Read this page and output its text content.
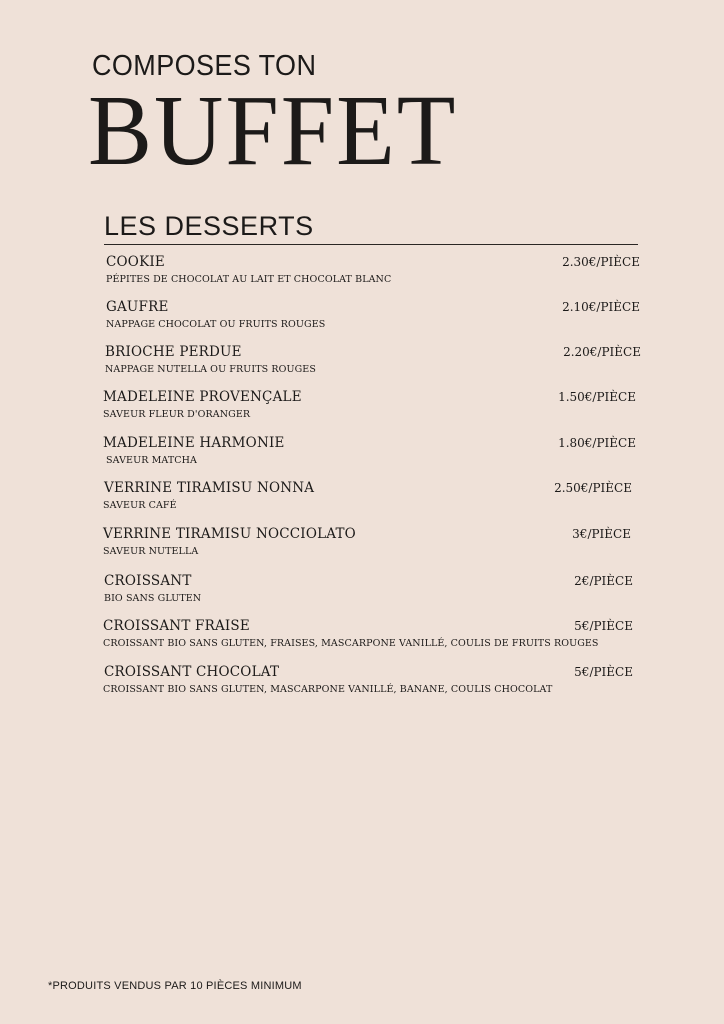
COMPOSES TON
BUFFET
LES DESSERTS
COOKIE
PÉPITES DE CHOCOLAT AU LAIT ET CHOCOLAT BLANC
2.30€/PIÈCE
GAUFRE
NAPPAGE CHOCOLAT OU FRUITS ROUGES
2.10€/PIÈCE
BRIOCHE PERDUE
NAPPAGE NUTELLA OU FRUITS ROUGES
2.20€/PIÈCE
MADELEINE PROVENÇALE
SAVEUR FLEUR D'ORANGER
1.50€/PIÈCE
MADELEINE HARMONIE
SAVEUR MATCHA
1.80€/PIÈCE
VERRINE TIRAMISU NONNA
SAVEUR CAFÉ
2.50€/PIÈCE
VERRINE TIRAMISU NOCCIOLATO
SAVEUR NUTELLA
3€/PIÈCE
CROISSANT
BIO SANS GLUTEN
2€/PIÈCE
CROISSANT FRAISE
CROISSANT BIO SANS GLUTEN, FRAISES, MASCARPONE VANILLÉ, COULIS DE FRUITS ROUGES
5€/PIÈCE
CROISSANT CHOCOLAT
CROISSANT BIO SANS GLUTEN, MASCARPONE VANILLÉ, BANANE, COULIS CHOCOLAT
5€/PIÈCE
*PRODUITS VENDUS PAR 10 PIÈCES MINIMUM
